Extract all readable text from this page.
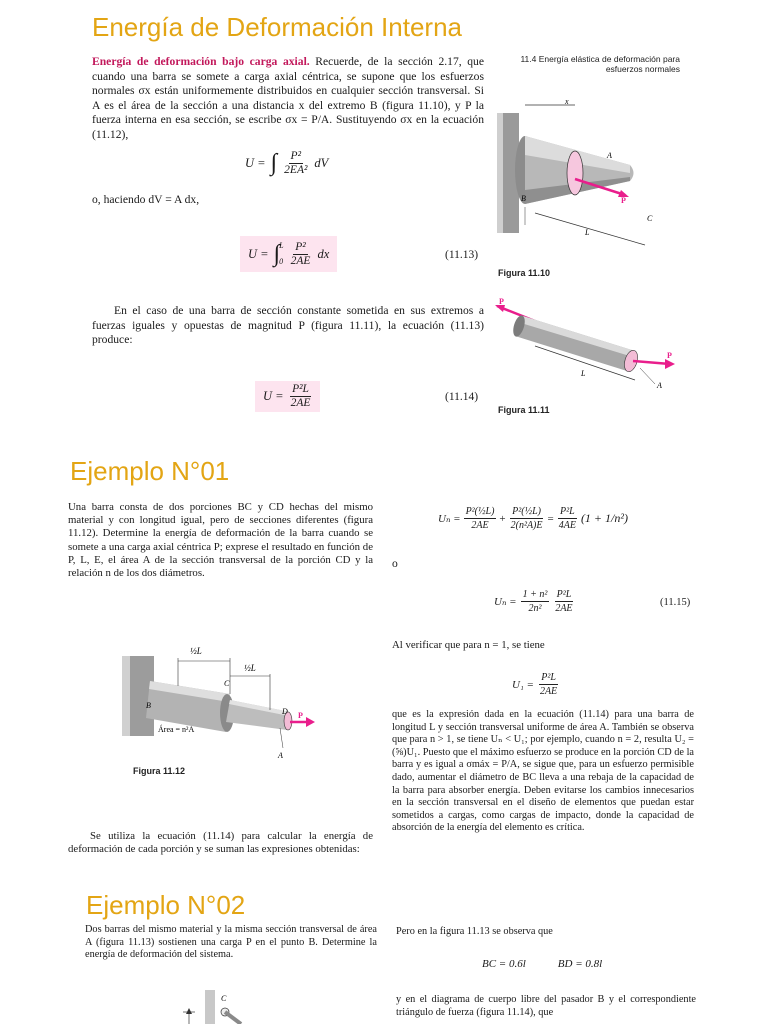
Energía de Deformación Interna
11.4 Energía elástica de deformación para
esfuerzos normales

Energía de deformación bajo carga axial. Recuerde, de la sección 2.17, que cuando una barra se somete a carga axial céntrica, se supone que los esfuerzos normales σx están uniformemente distribuidos en cualquier sección transversal. Si A es el área de la sección a una distancia x del extremo B (figura 11.10), y P la fuerza interna en esa sección, se escribe σx = P/A. Sustituyendo σx en la ecuación (11.12),

U = ∫ $\frac{\text{P²}}{\text{2EA²}}$ dV
o, haciendo dV = A dx,
U = ∫ L
$0 \frac{\text{P²}}{2AE}$ dx	(11.13)
x
A
B	P
C
L
Figura 11.10
En el caso de una barra de sección constante sometida en sus extremos a fuerzas iguales y opuestas de magnitud P (figura 11.11), la ecuación (11.13) produce:
$U = \frac{\text{P²L}}{2AE}$	(11.14)
P
P
L
A
Figura 11.11
Ejemplo N°01
Una barra consta de dos porciones BC y CD hechas del mismo material y con longitud igual, pero de secciones diferentes (figura 11.12). Determine la energía de deformación de la barra cuando se somete a una carga axial céntrica P; exprese el resultado en función de P, L, E, el área A de la sección transversal de la porción CD y la relación n de los dos diámetros.
$U_n = \frac{\text{P²(½L)}}{2AE} + \frac{\text{P²(½L)}}{\text{2(n²A)E}} = \frac{\text{P²L}}{4AE} (1 + 1/n^2)$
o
$U_n = \frac{\text{1 + n²}}{\text{2n²}} \frac{\text{P²L}}{2AE}$	(11.15)
Al verificar que para n = 1, se tiene
$U_1 = \frac{\text{P²L}}{2AE}$
que es la expresión dada en la ecuación (11.14) para una barra de longitud L y sección transversal uniforme de área A. También se observa que para n > 1, se tiene Uₙ < U₁; por ejemplo, cuando n = 2, resulta U₂ = (⅝)U₁. Puesto que el máximo esfuerzo se produce en la porción CD de la barra y es igual a σmáx = P/A, se sigue que, para un esfuerzo permisible dado, aumentar el diámetro de BC lleva a una rebaja de la capacidad de la barra para absorber energía. Deben evitarse los cambios innecesarios en la sección transversal en el diseño de elementos que puedan estar sometidos a cargas, como cargas de impacto, donde la capacidad de absorción de la energía del elemento es crítica.
½L
½L
C
B
D P
A
Área = n²A
Figura 11.12
Se utiliza la ecuación (11.14) para calcular la energía de deformación de cada porción y se suman las expresiones obtenidas:
Ejemplo N°02
Dos barras del mismo material y la misma sección transversal de área A (figura 11.13) sostienen una carga P en el punto B. Determine la energía de deformación del sistema.
Pero en la figura 11.13 se observa que
BC = 0.6l	BD = 0.8l
y en el diagrama de cuerpo libre del pasador B y el correspondiente triángulo de fuerza (figura 11.14), que
C
